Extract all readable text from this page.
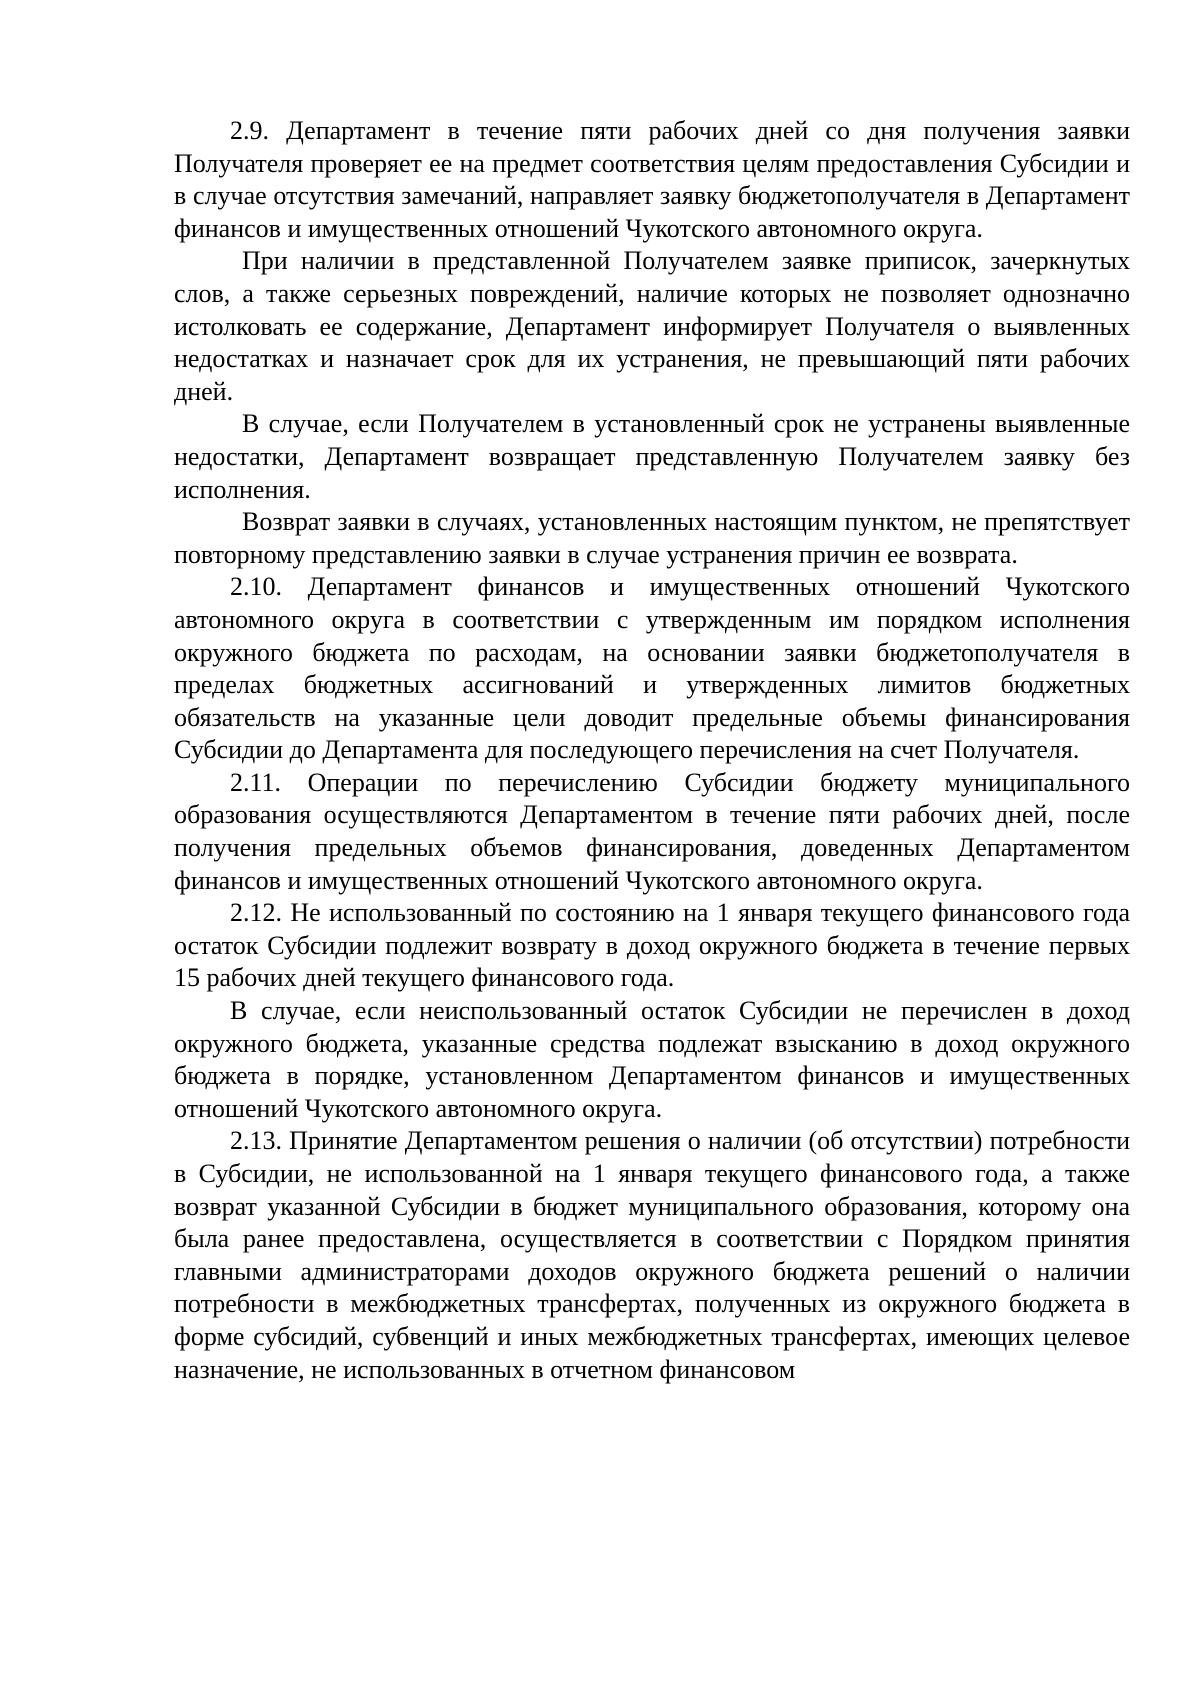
2.9. Департамент в течение пяти рабочих дней со дня получения заявки Получателя проверяет ее на предмет соответствия целям предоставления Субсидии и в случае отсутствия замечаний, направляет заявку бюджетополучателя в Департамент финансов и имущественных отношений Чукотского автономного округа.

При наличии в представленной Получателем заявке приписок, зачеркнутых слов, а также серьезных повреждений, наличие которых не позволяет однозначно истолковать ее содержание, Департамент информирует Получателя о выявленных недостатках и назначает срок для их устранения, не превышающий пяти рабочих дней.

В случае, если Получателем в установленный срок не устранены выявленные недостатки, Департамент возвращает представленную Получателем заявку без исполнения.

Возврат заявки в случаях, установленных настоящим пунктом, не препятствует повторному представлению заявки в случае устранения причин ее возврата.

2.10. Департамент финансов и имущественных отношений Чукотского автономного округа в соответствии с утвержденным им порядком исполнения окружного бюджета по расходам, на основании заявки бюджетополучателя в пределах бюджетных ассигнований и утвержденных лимитов бюджетных обязательств на указанные цели доводит предельные объемы финансирования Субсидии до Департамента для последующего перечисления на счет Получателя.

2.11. Операции по перечислению Субсидии бюджету муниципального образования осуществляются Департаментом в течение пяти рабочих дней, после получения предельных объемов финансирования, доведенных Департаментом финансов и имущественных отношений Чукотского автономного округа.

2.12. Не использованный по состоянию на 1 января текущего финансового года остаток Субсидии подлежит возврату в доход окружного бюджета в течение первых 15 рабочих дней текущего финансового года.

В случае, если неиспользованный остаток Субсидии не перечислен в доход окружного бюджета, указанные средства подлежат взысканию в доход окружного бюджета в порядке, установленном Департаментом финансов и имущественных отношений Чукотского автономного округа.

2.13. Принятие Департаментом решения о наличии (об отсутствии) потребности в Субсидии, не использованной на 1 января текущего финансового года, а также возврат указанной Субсидии в бюджет муниципального образования, которому она была ранее предоставлена, осуществляется в соответствии с Порядком принятия главными администраторами доходов окружного бюджета решений о наличии потребности в межбюджетных трансфертах, полученных из окружного бюджета в форме субсидий, субвенций и иных межбюджетных трансфертах, имеющих целевое назначение, не использованных в отчетном финансовом
